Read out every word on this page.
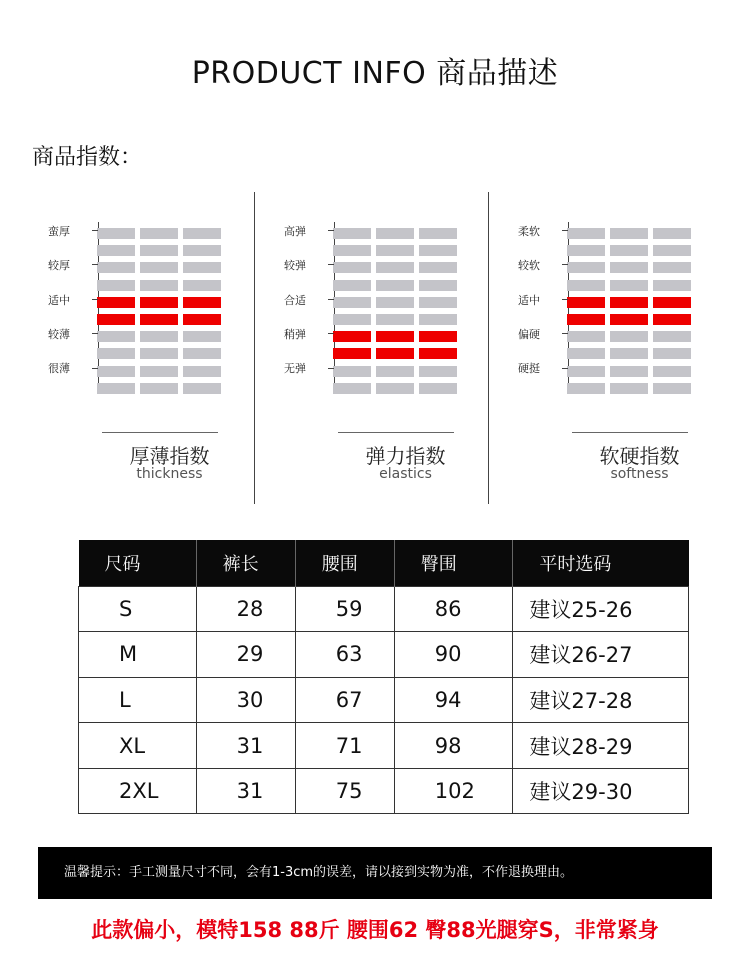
PRODUCT INFO 商品描述
商品指数：
蛮厚
较厚
适中
较薄
很薄
厚薄指数
thickness
高弹
较弹
合适
稍弹
无弹
弹力指数
elastics
柔软
较软
适中
偏硬
硬挺
软硬指数
softness
尺码	裤长	腰围	臀围	平时选码
S	28	59	86	建议25-26
M	29	63	90	建议26-27
L	30	67	94	建议27-28
XL	31	71	98	建议28-29
2XL	31	75	102	建议29-30
温馨提示：手工测量尺寸不同，会有1-3cm的误差，请以接到实物为准，不作退换理由。
此款偏小，模特158 88斤 腰围62 臀88光腿穿S，非常紧身
